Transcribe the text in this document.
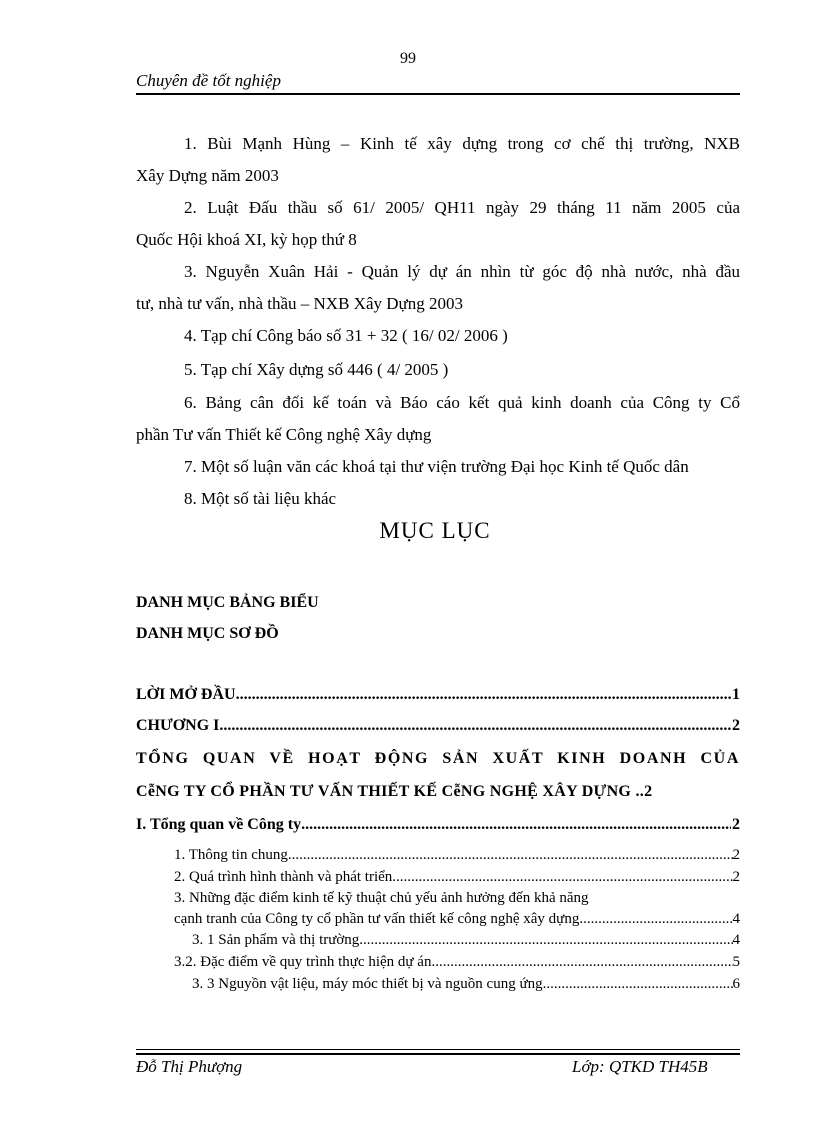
99
Chuyên đề tốt nghiệp
1. Bùi Mạnh Hùng – Kinh tế xây dựng trong cơ chế thị trường, NXB
Xây Dựng năm 2003
2. Luật Đấu thầu số 61/ 2005/ QH11 ngày 29 tháng 11 năm 2005 của
Quốc Hội khoá XI, kỳ họp thứ 8
3. Nguyễn Xuân Hải - Quản lý dự án nhìn từ góc độ nhà nước, nhà đầu
tư, nhà tư vấn, nhà thầu – NXB Xây Dựng 2003
4. Tạp chí Công báo số 31 + 32 ( 16/ 02/ 2006 )
5. Tạp chí Xây dựng số 446 ( 4/ 2005 )
6. Bảng cân đối kế toán và Báo cáo kết quả kinh doanh của Công ty Cổ
phần Tư vấn Thiết kế Công nghệ Xây dựng
7. Một số luận văn các khoá tại thư viện trường Đại học Kinh tế Quốc dân
8. Một số tài liệu khác
MỤC LỤC
DANH MỤC BẢNG BIỂU
DANH MỤC SƠ ĐỒ
LỜI MỞ ĐẦU .....	1
CHƯƠNG I .....	2
TỔNG QUAN VỀ HOẠT ĐỘNG SẢN XUẤT KINH DOANH CỦA
CễNG TY CỔ PHẦN TƯ VẤN THIẾT KẾ CễNG NGHỆ XÂY DỰNG ..2
I. Tổng quan về Công ty .....	2
1. Thông tin chung .....	2
2. Quá trình hình thành và phát triển .....	2
3. Những đặc điểm kinh tế kỹ thuật chủ yếu ảnh hưởng đến khả năng
cạnh tranh của Công ty cổ phần tư vấn thiết kế công nghệ xây dựng .....	4
3. 1 Sản phẩm và thị trường .....	4
3.2. Đặc điểm về quy trình thực hiện dự án .....	5
3. 3 Nguyồn vật liệu, máy móc thiết bị và nguồn cung ứng .....	6
Đỗ Thị Phượng	Lớp: QTKD TH45B
